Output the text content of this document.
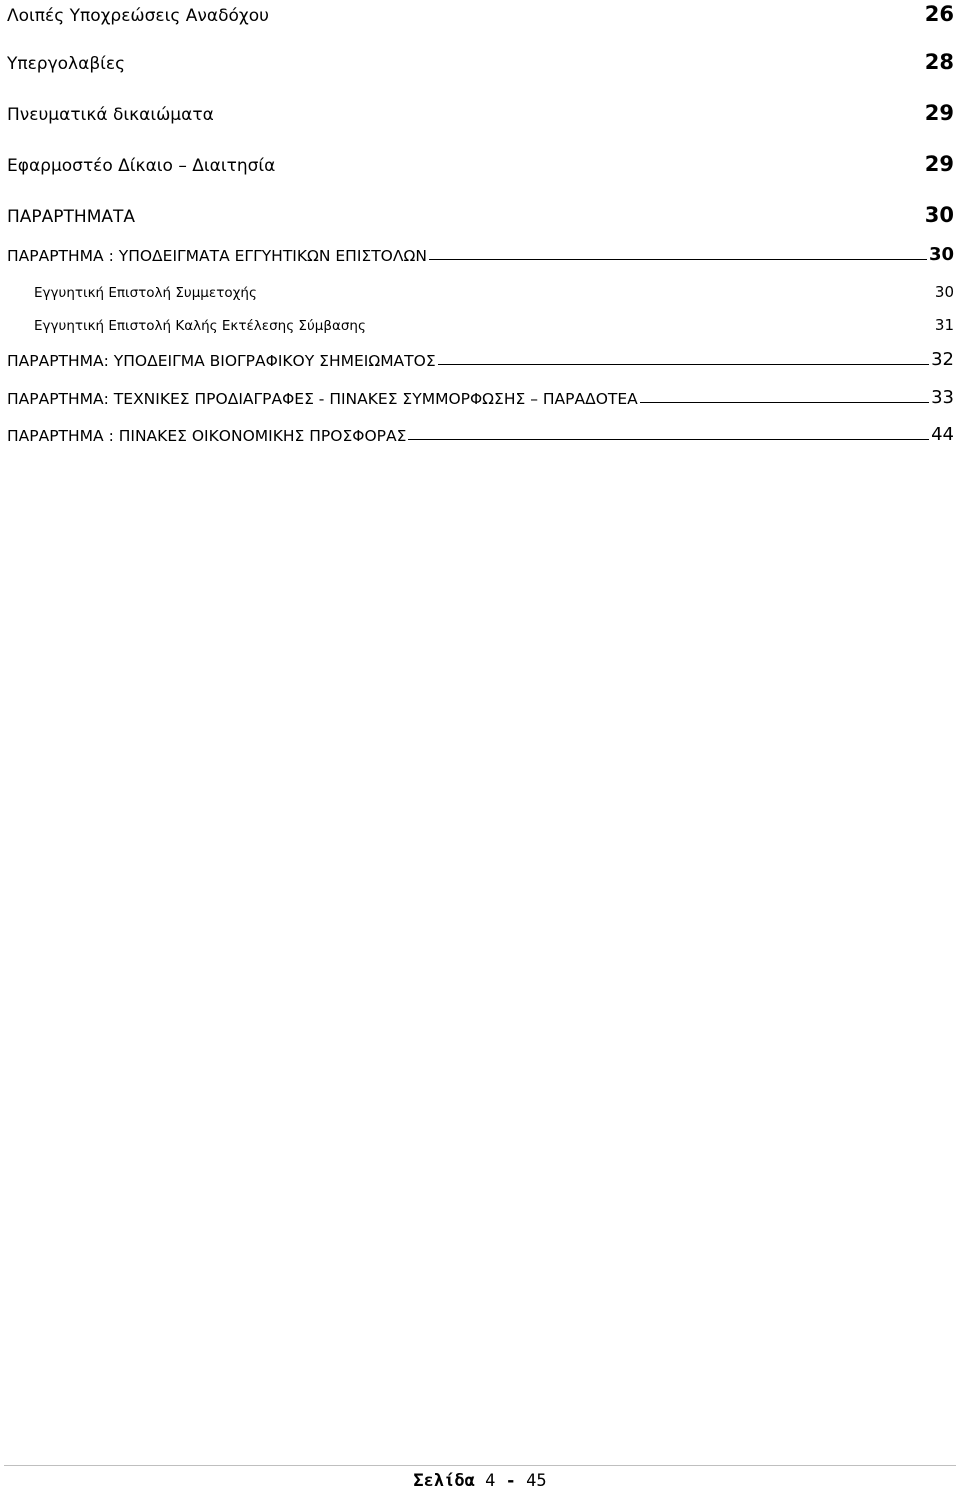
Λοιπές Υποχρεώσεις Αναδόχου	26
Υπεργολαβίες	28
Πνευματικά δικαιώματα	29
Εφαρμοστέο Δίκαιο – Διαιτησία	29
ΠΑΡΑΡΤΗΜΑΤΑ	30
ΠΑΡΑΡΤΗΜΑ : ΥΠΟΔΕΙΓΜΑΤΑ ΕΓΓΥΗΤΙΚΩΝ ΕΠΙΣΤΟΛΩΝ	30
Εγγυητική Επιστολή Συμμετοχής	30
Εγγυητική Επιστολή Καλής Εκτέλεσης Σύμβασης	31
ΠΑΡΑΡΤΗΜΑ: ΥΠΟΔΕΙΓΜΑ ΒΙΟΓΡΑΦΙΚΟΥ ΣΗΜΕΙΩΜΑΤΟΣ	32
ΠΑΡΑΡΤΗΜΑ: ΤΕΧΝΙΚΕΣ ΠΡΟΔΙΑΓΡΑΦΕΣ - ΠΙΝΑΚΕΣ ΣΥΜΜΟΡΦΩΣΗΣ – ΠΑΡΑΔΟΤΕΑ	33
ΠΑΡΑΡΤΗΜΑ : ΠΙΝΑΚΕΣ ΟΙΚΟΝΟΜΙΚΗΣ ΠΡΟΣΦΟΡΑΣ	44
Σελίδα 4 - 45
